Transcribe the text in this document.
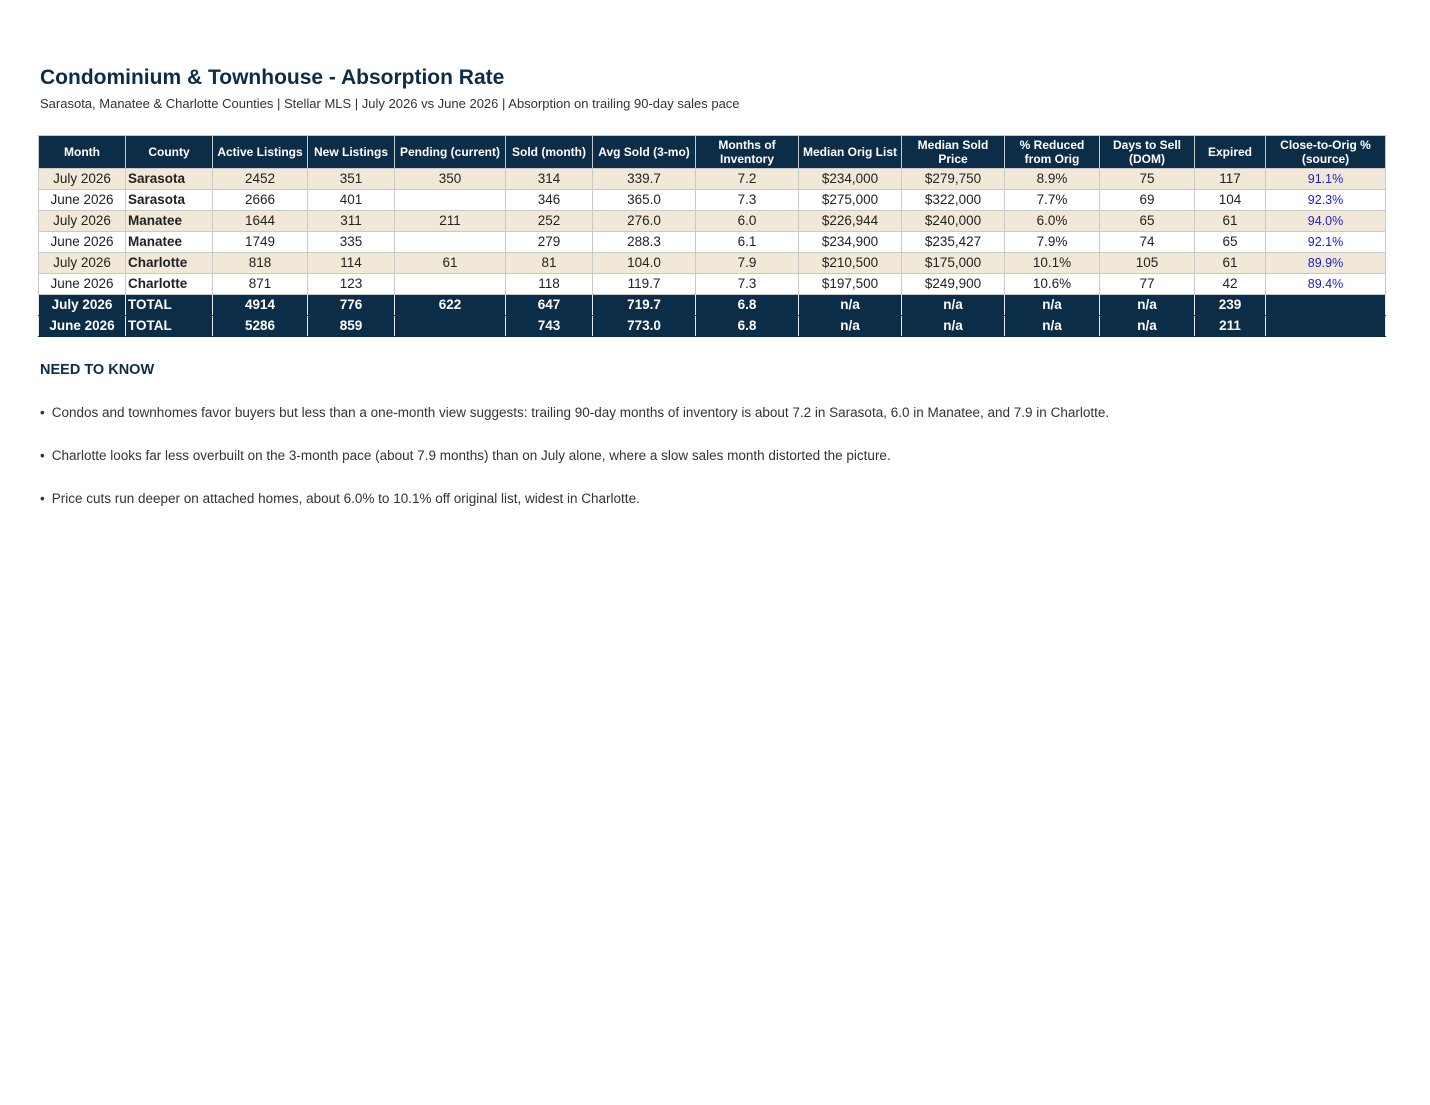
Condominium & Townhouse - Absorption Rate
Sarasota, Manatee & Charlotte Counties | Stellar MLS | July 2026 vs June 2026 | Absorption on trailing 90-day sales pace
Month	County	Active Listings	New Listings	Pending (current)	Sold (month)	Avg Sold (3-mo)	Months of Inventory	Median Orig List	Median Sold Price	% Reduced from Orig	Days to Sell (DOM)	Expired	Close-to-Orig % (source)
July 2026	Sarasota	2452	351	350	314	339.7	7.2	$234,000	$279,750	8.9%	75	117	91.1%
June 2026	Sarasota	2666	401		346	365.0	7.3	$275,000	$322,000	7.7%	69	104	92.3%
July 2026	Manatee	1644	311	211	252	276.0	6.0	$226,944	$240,000	6.0%	65	61	94.0%
June 2026	Manatee	1749	335		279	288.3	6.1	$234,900	$235,427	7.9%	74	65	92.1%
July 2026	Charlotte	818	114	61	81	104.0	7.9	$210,500	$175,000	10.1%	105	61	89.9%
June 2026	Charlotte	871	123		118	119.7	7.3	$197,500	$249,900	10.6%	77	42	89.4%
July 2026	TOTAL	4914	776	622	647	719.7	6.8	n/a	n/a	n/a	n/a	239	
June 2026	TOTAL	5286	859		743	773.0	6.8	n/a	n/a	n/a	n/a	211	
NEED TO KNOW
• Condos and townhomes favor buyers but less than a one-month view suggests: trailing 90-day months of inventory is about 7.2 in Sarasota, 6.0 in Manatee, and 7.9 in Charlotte.
• Charlotte looks far less overbuilt on the 3-month pace (about 7.9 months) than on July alone, where a slow sales month distorted the picture.
• Price cuts run deeper on attached homes, about 6.0% to 10.1% off original list, widest in Charlotte.
